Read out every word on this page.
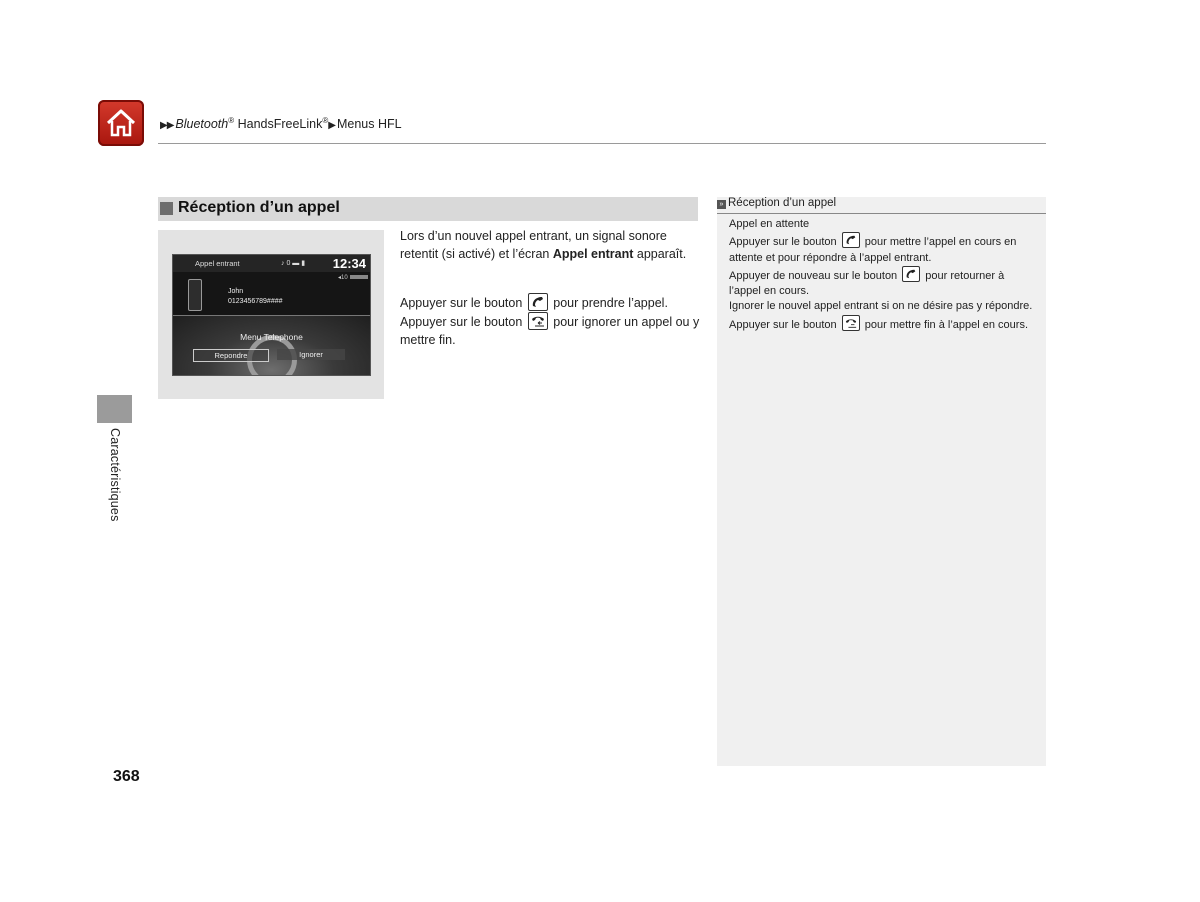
▶▶ Bluetooth® HandsFreeLink®▶ Menus HFL
Caractéristiques
Réception d’un appel
Appel entrant	♪ 0 ▬ ▮ 12:34
◂10
John
0123456789####
Menu Telephone
Repondre	Ignorer
Lors d’un nouvel appel entrant, un signal sonore retentit (si activé) et l’écran Appel entrant apparaît.
Appuyer sur le bouton
pour prendre l’appel.
Appuyer sur le bouton
pour ignorer un appel ou y mettre fin.
» Réception d’un appel
Appel en attente
Appuyer sur le bouton
pour mettre l’appel en cours en attente et pour répondre à l’appel entrant.
Appuyer de nouveau sur le bouton
pour retourner à l’appel en cours.
Ignorer le nouvel appel entrant si on ne désire pas y répondre.
Appuyer sur le bouton
pour mettre fin à l’appel en cours.
368
